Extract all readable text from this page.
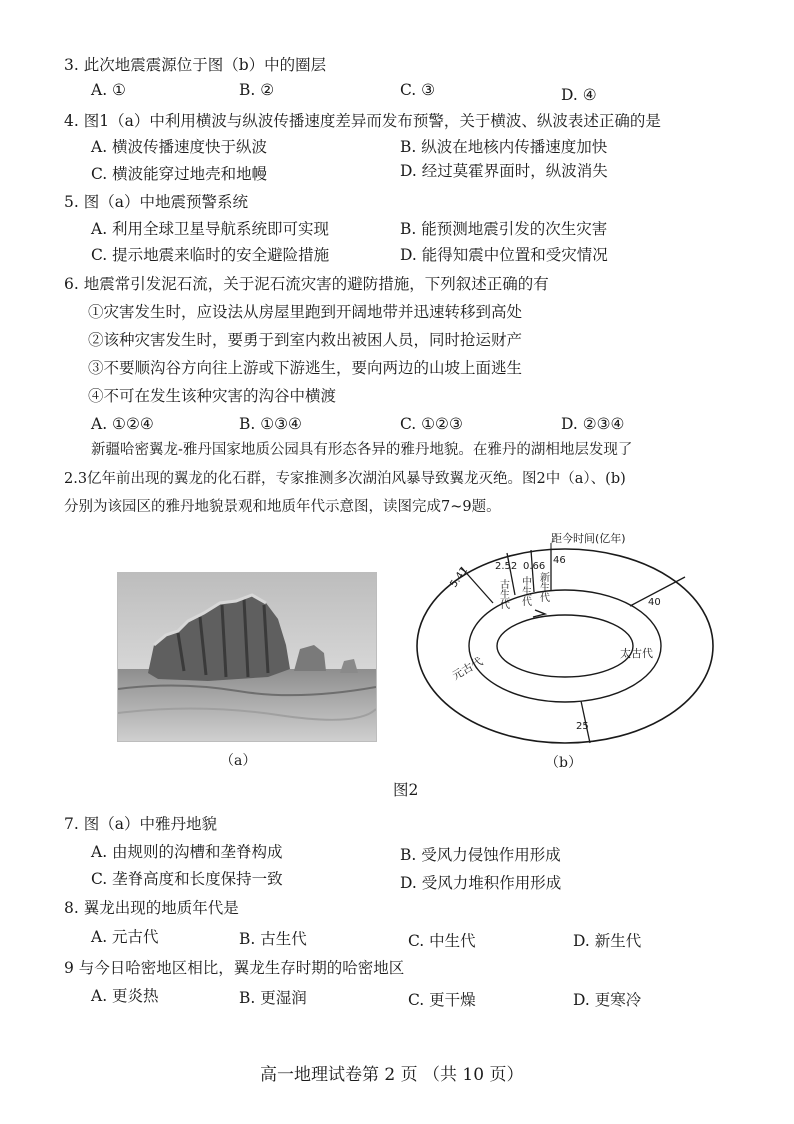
3. 此次地震震源位于图（b）中的圈层
A. ①	B. ②	C. ③	D. ④
4. 图1（a）中利用横波与纵波传播速度差异而发布预警，关于横波、纵波表述正确的是
A. 横波传播速度快于纵波	B. 纵波在地核内传播速度加快
C. 横波能穿过地壳和地幔	D. 经过莫霍界面时，纵波消失
5. 图（a）中地震预警系统
A. 利用全球卫星导航系统即可实现	B. 能预测地震引发的次生灾害
C. 提示地震来临时的安全避险措施	D. 能得知震中位置和受灾情况
6. 地震常引发泥石流，关于泥石流灾害的避防措施，下列叙述正确的有
①灾害发生时，应设法从房屋里跑到开阔地带并迅速转移到高处
②该种灾害发生时，要勇于到室内救出被困人员，同时抢运财产
③不要顺沟谷方向往上游或下游逃生，要向两边的山坡上面逃生
④不可在发生该种灾害的沟谷中横渡
A. ①②④	B. ①③④	C. ①②③	D. ②③④
新疆哈密翼龙-雅丹国家地质公园具有形态各异的雅丹地貌。在雅丹的湖相地层发现了
2.3亿年前出现的翼龙的化石群，专家推测多次湖泊风暴导致翼龙灭绝。图2中（a）、(b)
分别为该园区的雅丹地貌景观和地质年代示意图，读图完成7~9题。
距今时间(亿年)
46
40
25
5.41 2.52 0.66
太古代
元古代
古生代 中生代 新生代
（a）	（b）
图2
7. 图（a）中雅丹地貌
A. 由规则的沟槽和垄脊构成	B. 受风力侵蚀作用形成
C. 垄脊高度和长度保持一致	D. 受风力堆积作用形成
8. 翼龙出现的地质年代是
A. 元古代	B. 古生代	C. 中生代	D. 新生代
9 与今日哈密地区相比，翼龙生存时期的哈密地区
A. 更炎热	B. 更湿润	C. 更干燥	D. 更寒冷
高一地理试卷第 2 页 （共 10 页）
